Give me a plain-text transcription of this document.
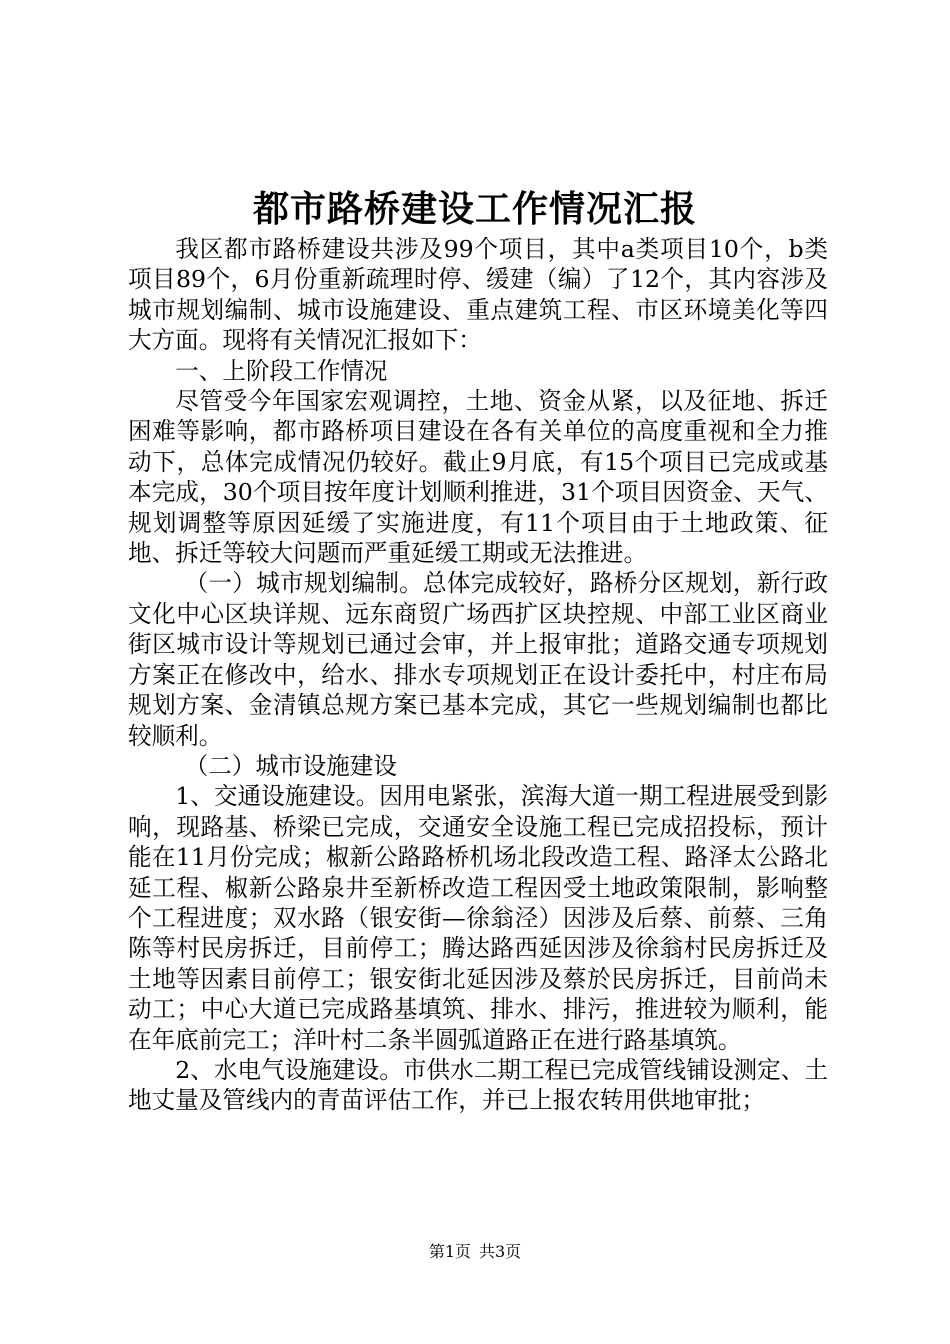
都市路桥建设工作情况汇报

我区都市路桥建设共涉及99个项目，其中a类项目10个，b类项目89个，6月份重新疏理时停、缓建（编）了12个，其内容涉及城市规划编制、城市设施建设、重点建筑工程、市区环境美化等四大方面。现将有关情况汇报如下：

一、上阶段工作情况

尽管受今年国家宏观调控，土地、资金从紧，以及征地、拆迁困难等影响，都市路桥项目建设在各有关单位的高度重视和全力推动下，总体完成情况仍较好。截止9月底，有15个项目已完成或基本完成，30个项目按年度计划顺利推进，31个项目因资金、天气、规划调整等原因延缓了实施进度，有11个项目由于土地政策、征地、拆迁等较大问题而严重延缓工期或无法推进。

（一）城市规划编制。总体完成较好，路桥分区规划，新行政文化中心区块详规、远东商贸广场西扩区块控规、中部工业区商业街区城市设计等规划已通过会审，并上报审批；道路交通专项规划方案正在修改中，给水、排水专项规划正在设计委托中，村庄布局规划方案、金清镇总规方案已基本完成，其它一些规划编制也都比较顺利。

（二）城市设施建设

1、交通设施建设。因用电紧张，滨海大道一期工程进展受到影响，现路基、桥梁已完成，交通安全设施工程已完成招投标，预计能在11月份完成；椒新公路路桥机场北段改造工程、路泽太公路北延工程、椒新公路泉井至新桥改造工程因受土地政策限制，影响整个工程进度；双水路（银安街—徐翁泾）因涉及后蔡、前蔡、三角陈等村民房拆迁，目前停工；腾达路西延因涉及徐翁村民房拆迁及土地等因素目前停工；银安街北延因涉及蔡於民房拆迁，目前尚未动工；中心大道已完成路基填筑、排水、排污，推进较为顺利，能在年底前完工；洋叶村二条半圆弧道路正在进行路基填筑。

2、水电气设施建设。市供水二期工程已完成管线铺设测定、土地丈量及管线内的青苗评估工作，并已上报农转用供地审批；

第1页 共3页
